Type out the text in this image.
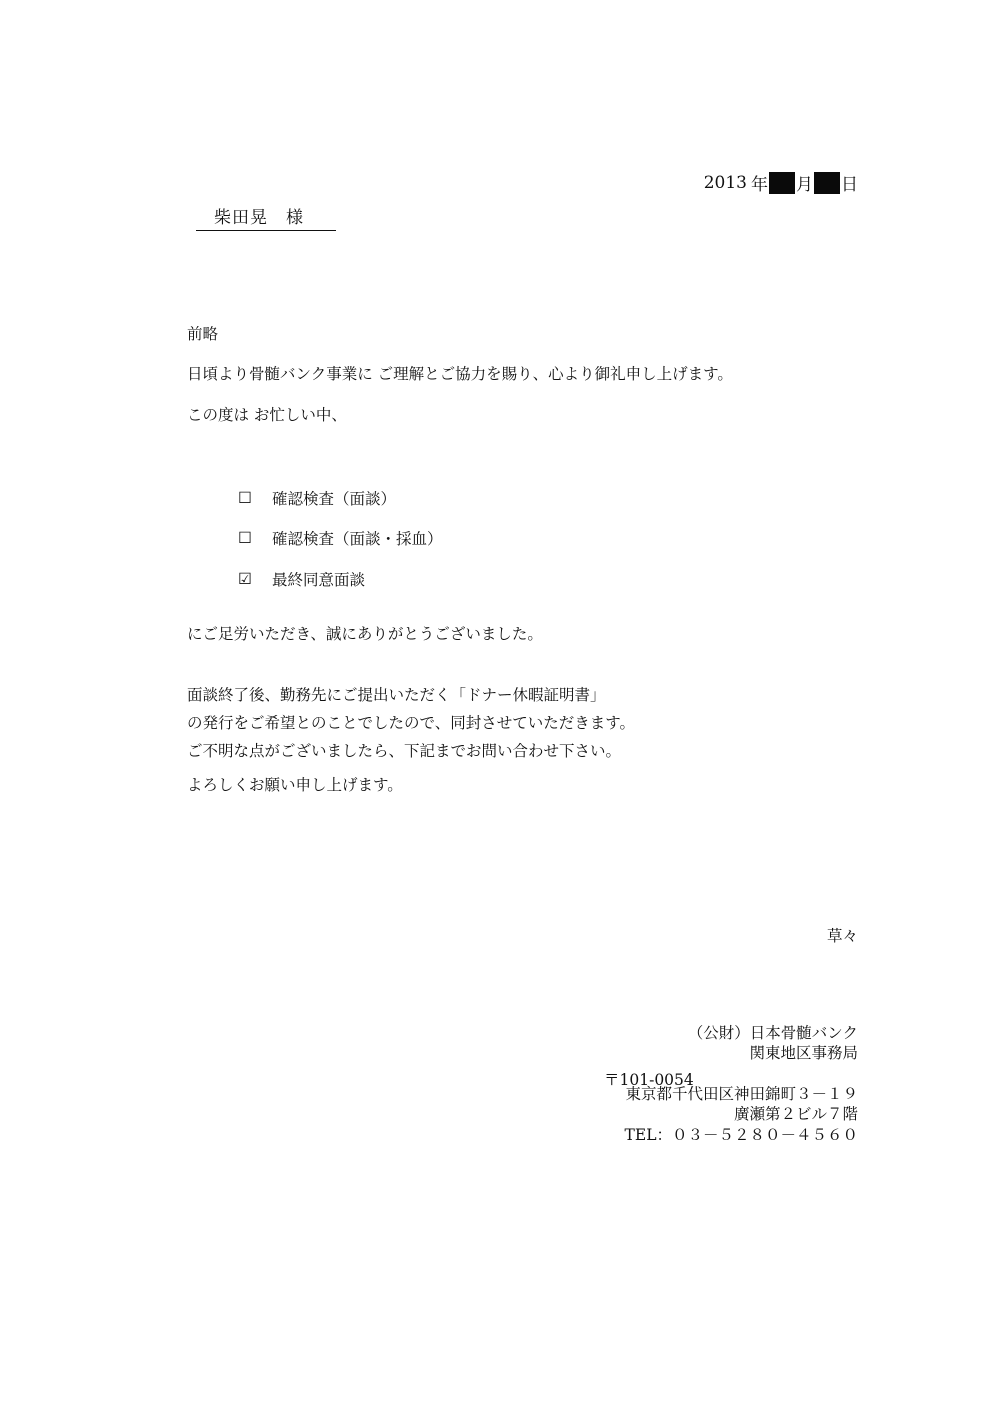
2013 年 月 日
柴田晃　様
前略
日頃より骨髄バンク事業に ご理解とご協力を賜り、心より御礼申し上げます。
この度は お忙しい中、
☐	確認検査（面談）
☐	確認検査（面談・採血）
☑	最終同意面談
にご足労いただき、誠にありがとうございました。
面談終了後、勤務先にご提出いただく「ドナー休暇証明書」
の発行をご希望とのことでしたので、同封させていただきます。
ご不明な点がございましたら、下記までお問い合わせ下さい。
よろしくお願い申し上げます。
草々
（公財）日本骨髄バンク
関東地区事務局
〒101-0054
東京都千代田区神田錦町３－１９
廣瀬第２ビル７階
TEL：０３－５２８０－４５６０
